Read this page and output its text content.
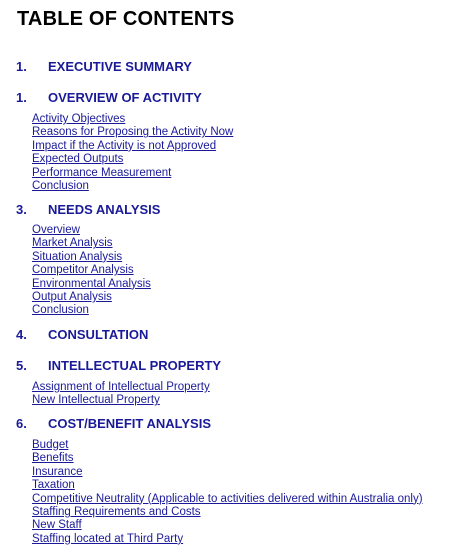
TABLE OF CONTENTS
1. EXECUTIVE SUMMARY
1. OVERVIEW OF ACTIVITY
Activity Objectives
Reasons for Proposing the Activity Now
Impact if the Activity is not Approved
Expected Outputs
Performance Measurement
Conclusion
3. NEEDS ANALYSIS
Overview
Market Analysis
Situation Analysis
Competitor Analysis
Environmental Analysis
Output Analysis
Conclusion
4. CONSULTATION
5. INTELLECTUAL PROPERTY
Assignment of Intellectual Property
New Intellectual Property
6. COST/BENEFIT ANALYSIS
Budget
Benefits
Insurance
Taxation
Competitive Neutrality (Applicable to activities delivered within Australia only)
Staffing Requirements and Costs
New Staff
Staffing located at Third Party
